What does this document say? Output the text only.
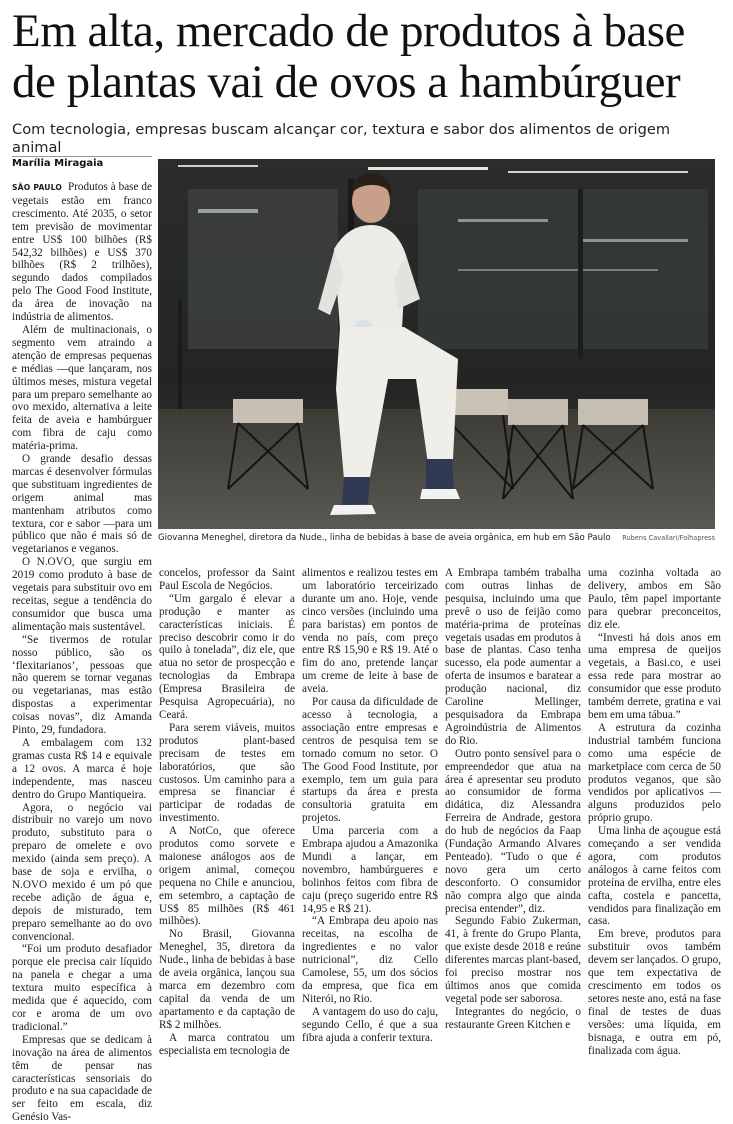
Em alta, mercado de produtos à base de plantas vai de ovos a hambúrguer
Com tecnologia, empresas buscam alcançar cor, textura e sabor dos alimentos de origem animal
Marília Miragaia

SÃO PAULO Produtos à base de vegetais estão em franco crescimento. Até 2035, o setor tem previsão de movimentar entre US$ 100 bilhões (R$ 542,32 bilhões) e US$ 370 bilhões (R$ 2 trilhões), segundo dados compilados pelo The Good Food Institute, da área de inovação na indústria de alimentos.

Além de multinacionais, o segmento vem atraindo a atenção de empresas pequenas e médias —que lançaram, nos últimos meses, mistura vegetal para um preparo semelhante ao ovo mexido, alternativa a leite feita de aveia e hambúrguer com fibra de caju como matéria-prima.

O grande desafio dessas marcas é desenvolver fórmulas que substituam ingredientes de origem animal mas mantenham atributos como textura, cor e sabor —para um público que não é mais só de vegetarianos e veganos.

O N.OVO, que surgiu em 2019 como produto à base de vegetais para substituir ovo em receitas, segue a tendência do consumidor que busca uma alimentação mais sustentável.

“Se tivermos de rotular nosso público, são os ‘flexitarianos’, pessoas que não querem se tornar veganas ou vegetarianas, mas estão dispostas a experimentar coisas novas”, diz Amanda Pinto, 29, fundadora.

A embalagem com 132 gramas custa R$ 14 e equivale a 12 ovos. A marca é hoje independente, mas nasceu dentro do Grupo Mantiqueira.

Agora, o negócio vai distribuir no varejo um novo produto, substituto para o preparo de omelete e ovo mexido (ainda sem preço). A base de soja e ervilha, o N.OVO mexido é um pó que recebe adição de água e, depois de misturado, tem preparo semelhante ao do ovo convencional.

“Foi um produto desafiador porque ele precisa cair líquido na panela e chegar a uma textura muito específica à medida que é aquecido, com cor e aroma de um ovo tradicional.”

Empresas que se dedicam à inovação na área de alimentos têm de pensar nas características sensoriais do produto e na sua capacidade de ser feito em escala, diz Genésio Vas-

Giovanna Meneghel, diretora da Nude., linha de bebidas à base de aveia orgânica, em hub em São Paulo Rubens Cavallari/Folhapress

concelos, professor da Saint Paul Escola de Negócios.

“Um gargalo é elevar a produção e manter as características iniciais. É preciso descobrir como ir do quilo à tonelada”, diz ele, que atua no setor de prospecção e tecnologias da Embrapa (Empresa Brasileira de Pesquisa Agropecuária), no Ceará.

Para serem viáveis, muitos produtos plant-based precisam de testes em laboratórios, que são custosos. Um caminho para a empresa se financiar é participar de rodadas de investimento.

A NotCo, que oferece produtos como sorvete e maionese análogos aos de origem animal, começou pequena no Chile e anunciou, em setembro, a captação de US$ 85 milhões (R$ 461 milhões).

No Brasil, Giovanna Meneghel, 35, diretora da Nude., linha de bebidas à base de aveia orgânica, lançou sua marca em dezembro com capital da venda de um apartamento e da captação de R$ 2 milhões.

A marca contratou um especialista em tecnologia de

alimentos e realizou testes em um laboratório terceirizado durante um ano. Hoje, vende cinco versões (incluindo uma para baristas) em pontos de venda no país, com preço entre R$ 15,90 e R$ 19. Até o fim do ano, pretende lançar um creme de leite à base de aveia.

Por causa da dificuldade de acesso à tecnologia, a associação entre empresas e centros de pesquisa tem se tornado comum no setor. O The Good Food Institute, por exemplo, tem um guia para startups da área e presta consultoria gratuita em projetos.

Uma parceria com a Embrapa ajudou a Amazonika Mundi a lançar, em novembro, hambúrgueres e bolinhos feitos com fibra de caju (preço sugerido entre R$ 14,95 e R$ 21).

“A Embrapa deu apoio nas receitas, na escolha de ingredientes e no valor nutricional”, diz Cello Camolese, 55, um dos sócios da empresa, que fica em Niterói, no Rio.

A vantagem do uso do caju, segundo Cello, é que a sua fibra ajuda a conferir textura.

A Embrapa também trabalha com outras linhas de pesquisa, incluindo uma que prevê o uso de feijão como matéria-prima de proteínas vegetais usadas em produtos à base de plantas. Caso tenha sucesso, ela pode aumentar a oferta de insumos e baratear a produção nacional, diz Caroline Mellinger, pesquisadora da Embrapa Agroindústria de Alimentos do Rio.

Outro ponto sensível para o empreendedor que atua na área é apresentar seu produto ao consumidor de forma didática, diz Alessandra Ferreira de Andrade, gestora do hub de negócios da Faap (Fundação Armando Alvares Penteado). “Tudo o que é novo gera um certo desconforto. O consumidor não compra algo que ainda precisa entender”, diz.

Segundo Fabio Zukerman, 41, à frente do Grupo Planta, que existe desde 2018 e reúne diferentes marcas plant-based, foi preciso mostrar nos últimos anos que comida vegetal pode ser saborosa.

Integrantes do negócio, o restaurante Green Kitchen e

uma cozinha voltada ao delivery, ambos em São Paulo, têm papel importante para quebrar preconceitos, diz ele.

“Investi há dois anos em uma empresa de queijos vegetais, a Basi.co, e usei essa rede para mostrar ao consumidor que esse produto também derrete, gratina e vai bem em uma tábua.”

A estrutura da cozinha industrial também funciona como uma espécie de marketplace com cerca de 50 produtos veganos, que são vendidos por aplicativos —alguns produzidos pelo próprio grupo.

Uma linha de açougue está começando a ser vendida agora, com produtos análogos à carne feitos com proteína de ervilha, entre eles cafta, costela e pancetta, vendidos para finalização em casa.

Em breve, produtos para substituir ovos também devem ser lançados. O grupo, que tem expectativa de crescimento em todos os setores neste ano, está na fase final de testes de duas versões: uma líquida, em bisnaga, e outra em pó, finalizada com água.
